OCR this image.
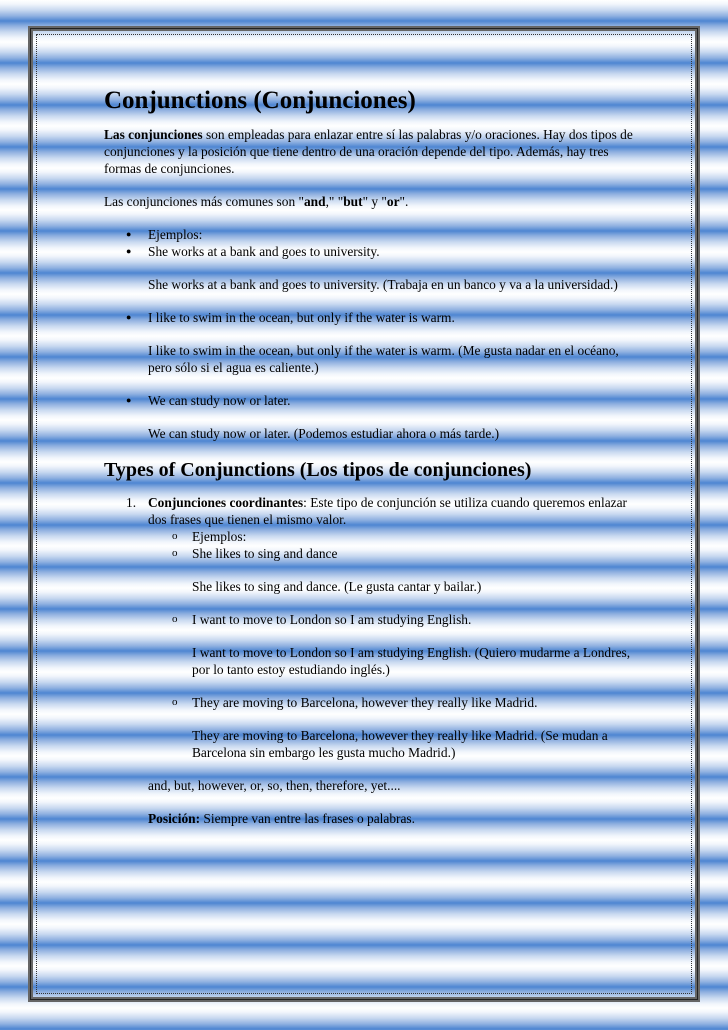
Conjunctions (Conjunciones)

Las conjunciones son empleadas para enlazar entre sí las palabras y/o oraciones. Hay dos tipos de conjunciones y la posición que tiene dentro de una oración depende del tipo. Además, hay tres formas de conjunciones.

Las conjunciones más comunes son "and," "but" y "or".

● Ejemplos:
● She works at a bank and goes to university.

She works at a bank and goes to university. (Trabaja en un banco y va a la universidad.)

● I like to swim in the ocean, but only if the water is warm.

I like to swim in the ocean, but only if the water is warm. (Me gusta nadar en el océano, pero sólo si el agua es caliente.)

● We can study now or later.

We can study now or later. (Podemos estudiar ahora o más tarde.)

Types of Conjunctions (Los tipos de conjunciones)
1. Conjunciones coordinantes: Este tipo de conjunción se utiliza cuando queremos enlazar dos frases que tienen el mismo valor.
o Ejemplos:
o She likes to sing and dance

She likes to sing and dance. (Le gusta cantar y bailar.)

o I want to move to London so I am studying English.

I want to move to London so I am studying English. (Quiero mudarme a Londres, por lo tanto estoy estudiando inglés.)

o They are moving to Barcelona, however they really like Madrid.

They are moving to Barcelona, however they really like Madrid. (Se mudan a Barcelona sin embargo les gusta mucho Madrid.)

and, but, however, or, so, then, therefore, yet....

Posición: Siempre van entre las frases o palabras.
